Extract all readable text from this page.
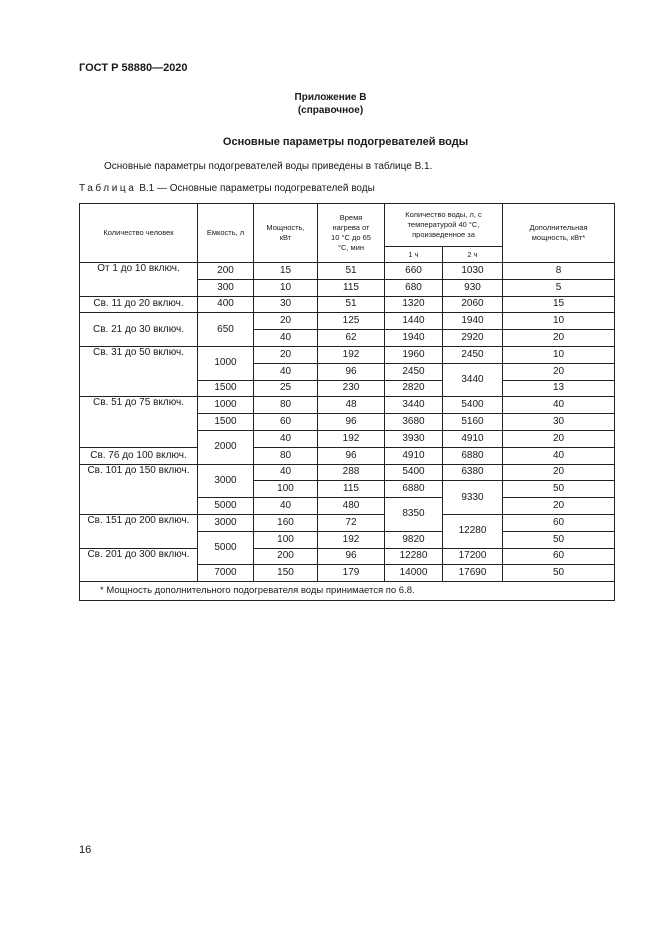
ГОСТ Р 58880—2020
Приложение В
(справочное)
Основные параметры подогревателей воды
Основные параметры подогревателей воды приведены в таблице В.1.
Таблица В.1 — Основные параметры подогревателей воды
Количество человек	Емкость, л	Мощность, кВт	Время нагрева от 10 °С до 65 °С, мин	Количество воды, л, с температурой 40 °С, произведенное за		Дополнительная мощность, кВт*
				1 ч	2 ч	
От 1 до 10 включ.	200	15	51	660	1030	8
	300	10	115	680	930	5
Св. 11 до 20 включ.	400	30	51	1320	2060	15
Св. 21 до 30 включ.	650	20	125	1440	1940	10
		40	62	1940	2920	20
Св. 31 до 50 включ.	1000	20	192	1960	2450	10
		40	96	2450	3440	20
	1500	25	230	2820		13
Св. 51 до 75 включ.	1000	80	48	3440	5400	40
	1500	60	96	3680	5160	30
	2000	40	192	3930	4910	20
Св. 76 до 100 включ.		80	96	4910	6880	40
Св. 101 до 150 включ.	3000	40	288	5400	6380	20
		100	115	6880	9330	50
	5000	40	480	8350		20
Св. 151 до 200 включ.	3000	160	72		12280	60
	5000	100	192	9820		50
Св. 201 до 300 включ.		200	96	12280	17200	60
	7000	150	179	14000	17690	50
* Мощность дополнительного подогревателя воды принимается по 6.8.						
16
